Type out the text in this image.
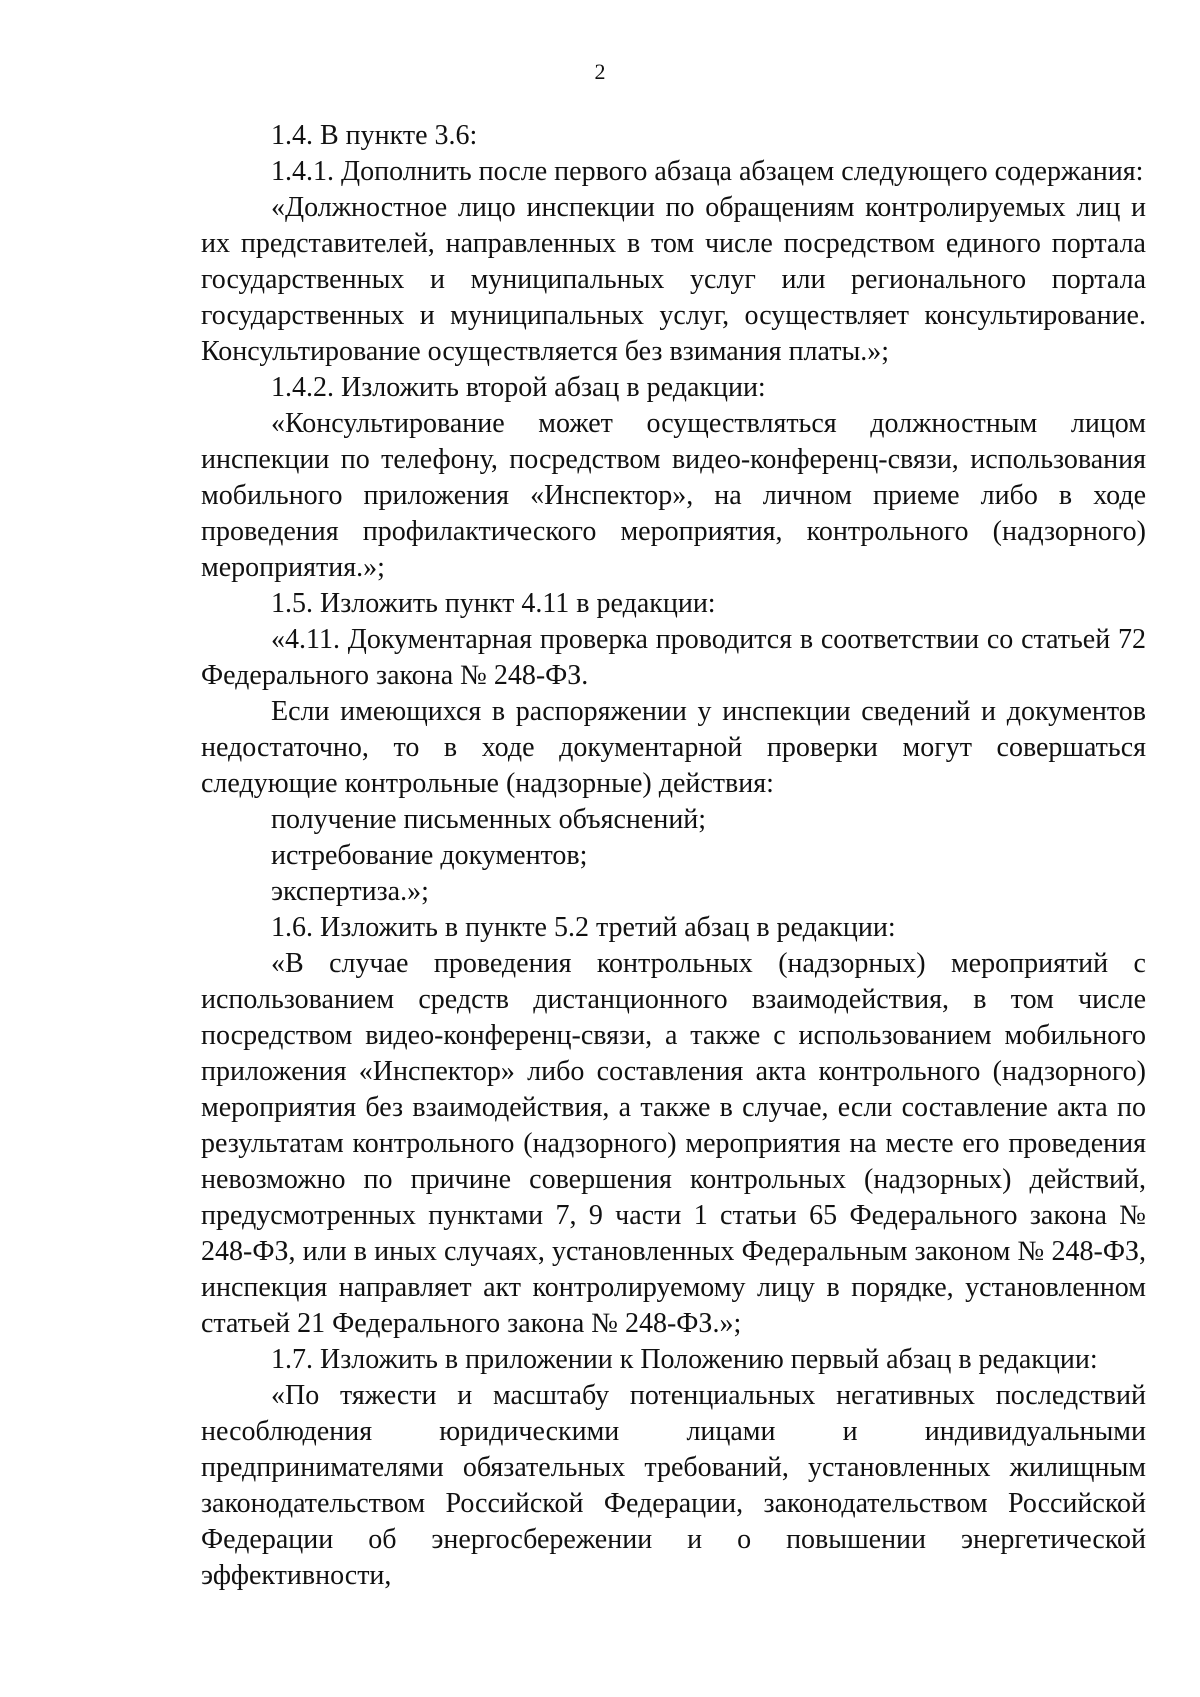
2

1.4. В пункте 3.6:

1.4.1. Дополнить после первого абзаца абзацем следующего содержания:

«Должностное лицо инспекции по обращениям контролируемых лиц и их представителей, направленных в том числе посредством единого портала государственных и муниципальных услуг или регионального портала государственных и муниципальных услуг, осуществляет консультирование. Консультирование осуществляется без взимания платы.»;

1.4.2. Изложить второй абзац в редакции:

«Консультирование может осуществляться должностным лицом инспекции по телефону, посредством видео-конференц-связи, использования мобильного приложения «Инспектор», на личном приеме либо в ходе проведения профилактического мероприятия, контрольного (надзорного) мероприятия.»;

1.5. Изложить пункт 4.11 в редакции:

«4.11. Документарная проверка проводится в соответствии со статьей 72 Федерального закона № 248-ФЗ.

Если имеющихся в распоряжении у инспекции сведений и документов недостаточно, то в ходе документарной проверки могут совершаться следующие контрольные (надзорные) действия:

получение письменных объяснений;

истребование документов;

экспертиза.»;

1.6. Изложить в пункте 5.2 третий абзац в редакции:

«В случае проведения контрольных (надзорных) мероприятий с использованием средств дистанционного взаимодействия, в том числе посредством видео-конференц-связи, а также с использованием мобильного приложения «Инспектор» либо составления акта контрольного (надзорного) мероприятия без взаимодействия, а также в случае, если составление акта по результатам контрольного (надзорного) мероприятия на месте его проведения невозможно по причине совершения контрольных (надзорных) действий, предусмотренных пунктами 7, 9 части 1 статьи 65 Федерального закона № 248-ФЗ, или в иных случаях, установленных Федеральным законом № 248-ФЗ, инспекция направляет акт контролируемому лицу в порядке, установленном статьей 21 Федерального закона № 248-ФЗ.»;

1.7. Изложить в приложении к Положению первый абзац в редакции:

«По тяжести и масштабу потенциальных негативных последствий несоблюдения юридическими лицами и индивидуальными предпринимателями обязательных требований, установленных жилищным законодательством Российской Федерации, законодательством Российской Федерации об энергосбережении и о повышении энергетической эффективности,
